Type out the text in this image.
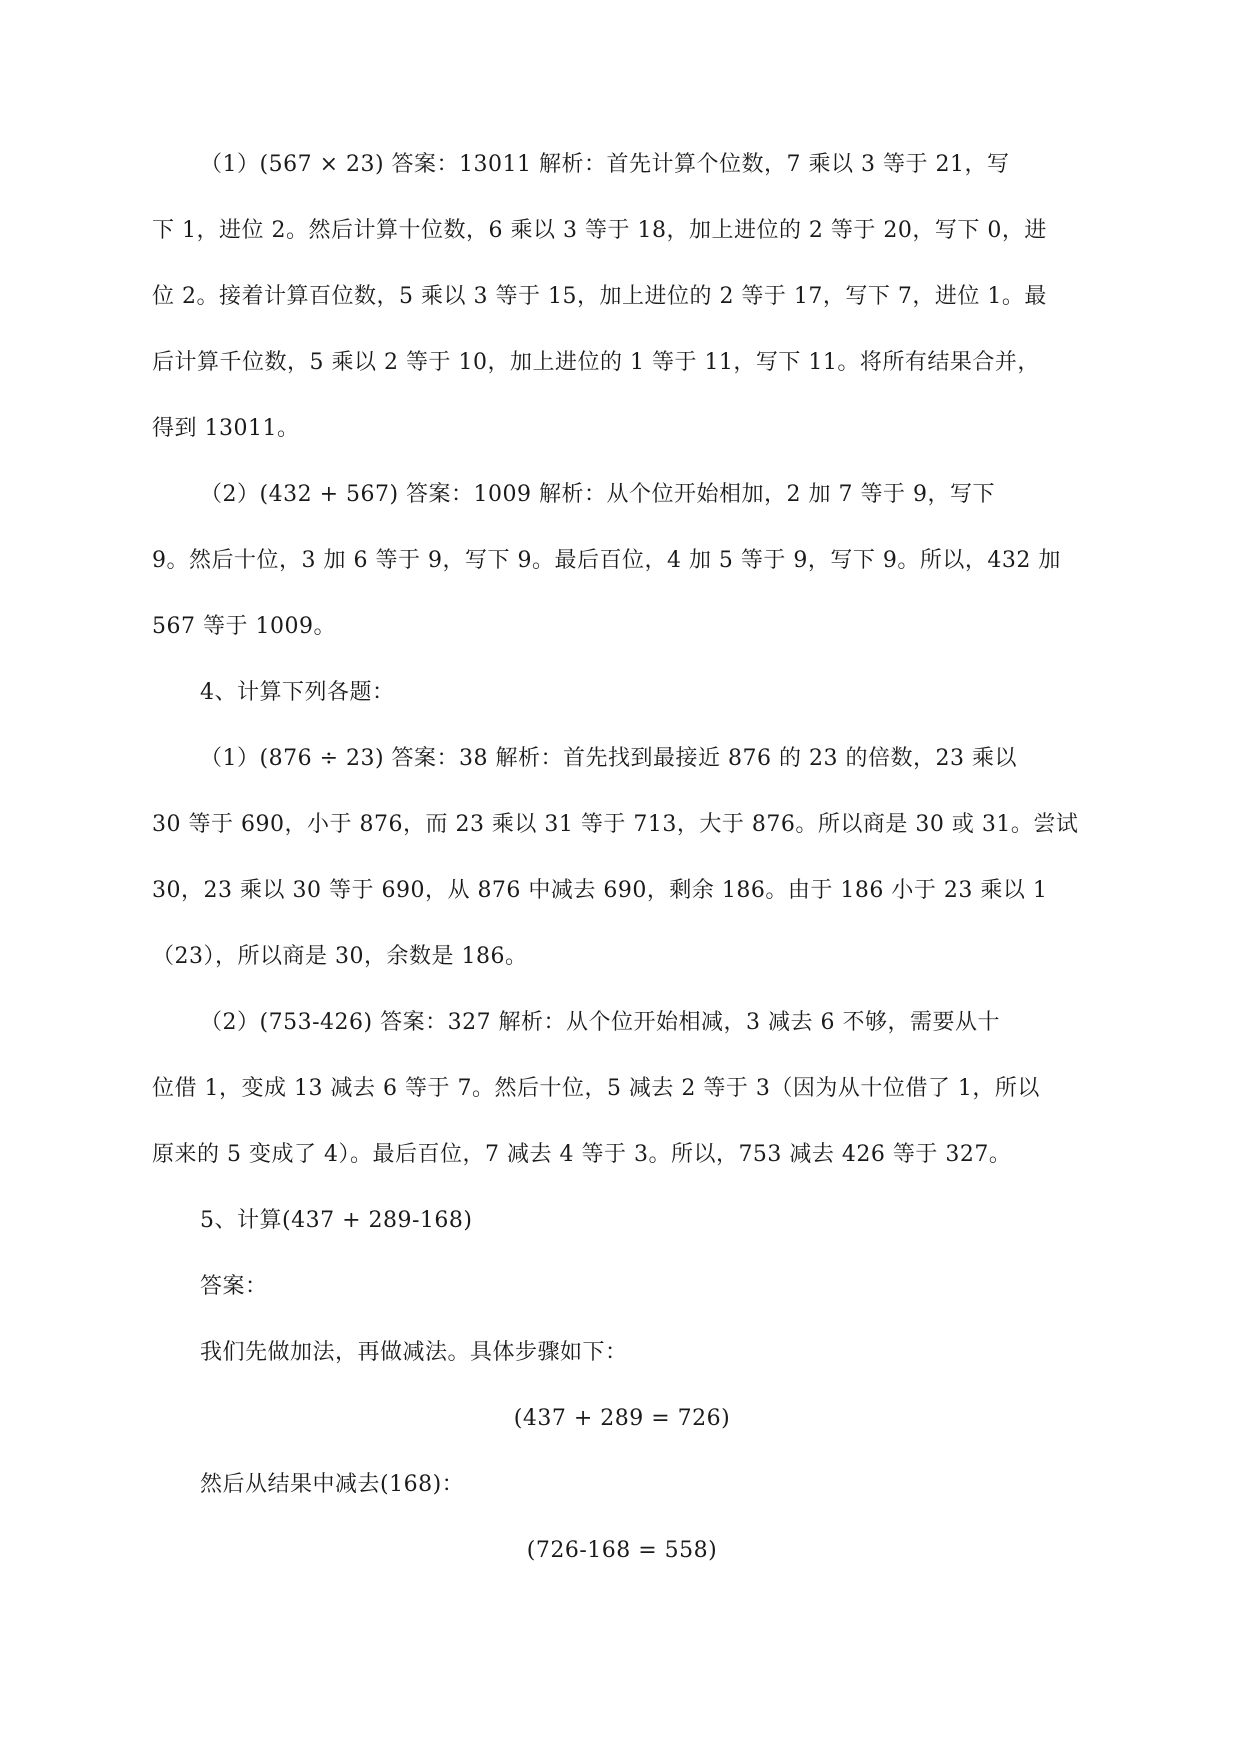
（1）(567 × 23) 答案：13011 解析：首先计算个位数，7 乘以 3 等于 21，写
下 1，进位 2。然后计算十位数，6 乘以 3 等于 18，加上进位的 2 等于 20，写下 0，进
位 2。接着计算百位数，5 乘以 3 等于 15，加上进位的 2 等于 17，写下 7，进位 1。最
后计算千位数，5 乘以 2 等于 10，加上进位的 1 等于 11，写下 11。将所有结果合并，
得到 13011。
（2）(432 + 567) 答案：1009 解析：从个位开始相加，2 加 7 等于 9，写下
9。然后十位，3 加 6 等于 9，写下 9。最后百位，4 加 5 等于 9，写下 9。所以，432 加
567 等于 1009。
4、计算下列各题：
（1）(876 ÷ 23) 答案：38 解析：首先找到最接近 876 的 23 的倍数，23 乘以
30 等于 690，小于 876，而 23 乘以 31 等于 713，大于 876。所以商是 30 或 31。尝试
30，23 乘以 30 等于 690，从 876 中减去 690，剩余 186。由于 186 小于 23 乘以 1
（23），所以商是 30，余数是 186。
（2）(753-426) 答案：327 解析：从个位开始相减，3 减去 6 不够，需要从十
位借 1，变成 13 减去 6 等于 7。然后十位，5 减去 2 等于 3（因为从十位借了 1，所以
原来的 5 变成了 4）。最后百位，7 减去 4 等于 3。所以，753 减去 426 等于 327。
5、计算(437 + 289-168)
答案：
我们先做加法，再做减法。具体步骤如下：
(437 + 289 = 726)
然后从结果中减去(168)：
(726-168 = 558)
